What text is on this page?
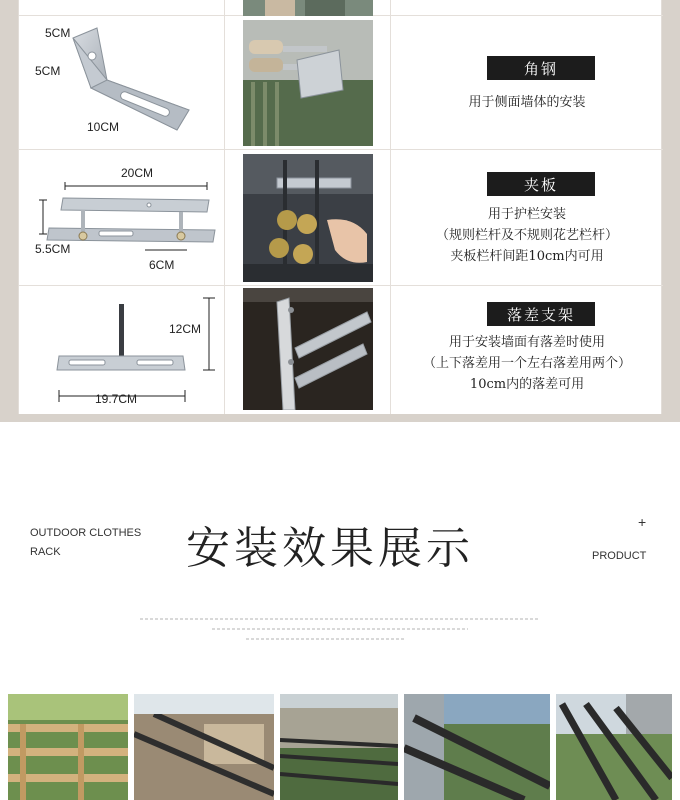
5CM
5CM
10CM
角钢
用于侧面墙体的安装
20CM
5.5CM
6CM
夹板
用于护栏安装
（规则栏杆及不规则花艺栏杆）
夹板栏杆间距10cm内可用
12CM
19.7CM
落差支架
用于安装墙面有落差时使用
（上下落差用一个左右落差用两个）
10cm内的落差可用
OUTDOOR CLOTHES
RACK	安装效果展示
+
PRODUCT
